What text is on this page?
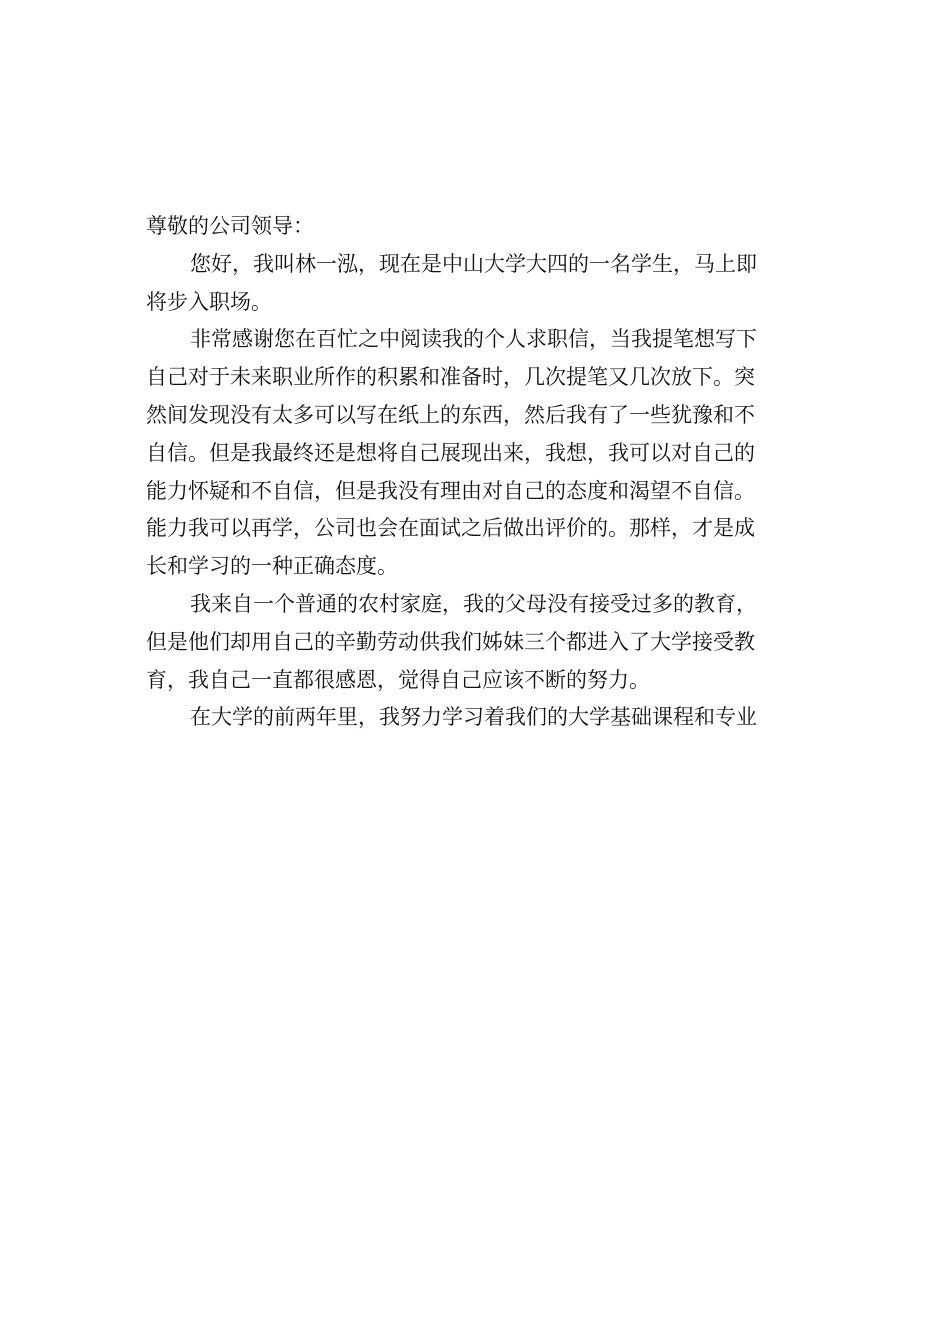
尊敬的公司领导：
您好，我叫林一泓，现在是中山大学大四的一名学生，马上即
将步入职场。
非常感谢您在百忙之中阅读我的个人求职信，当我提笔想写下
自己对于未来职业所作的积累和准备时，几次提笔又几次放下。突
然间发现没有太多可以写在纸上的东西，然后我有了一些犹豫和不
自信。但是我最终还是想将自己展现出来，我想，我可以对自己的
能力怀疑和不自信，但是我没有理由对自己的态度和渴望不自信。
能力我可以再学，公司也会在面试之后做出评价的。那样，才是成
长和学习的一种正确态度。
我来自一个普通的农村家庭，我的父母没有接受过多的教育，
但是他们却用自己的辛勤劳动供我们姊妹三个都进入了大学接受教
育，我自己一直都很感恩，觉得自己应该不断的努力。
在大学的前两年里，我努力学习着我们的大学基础课程和专业
